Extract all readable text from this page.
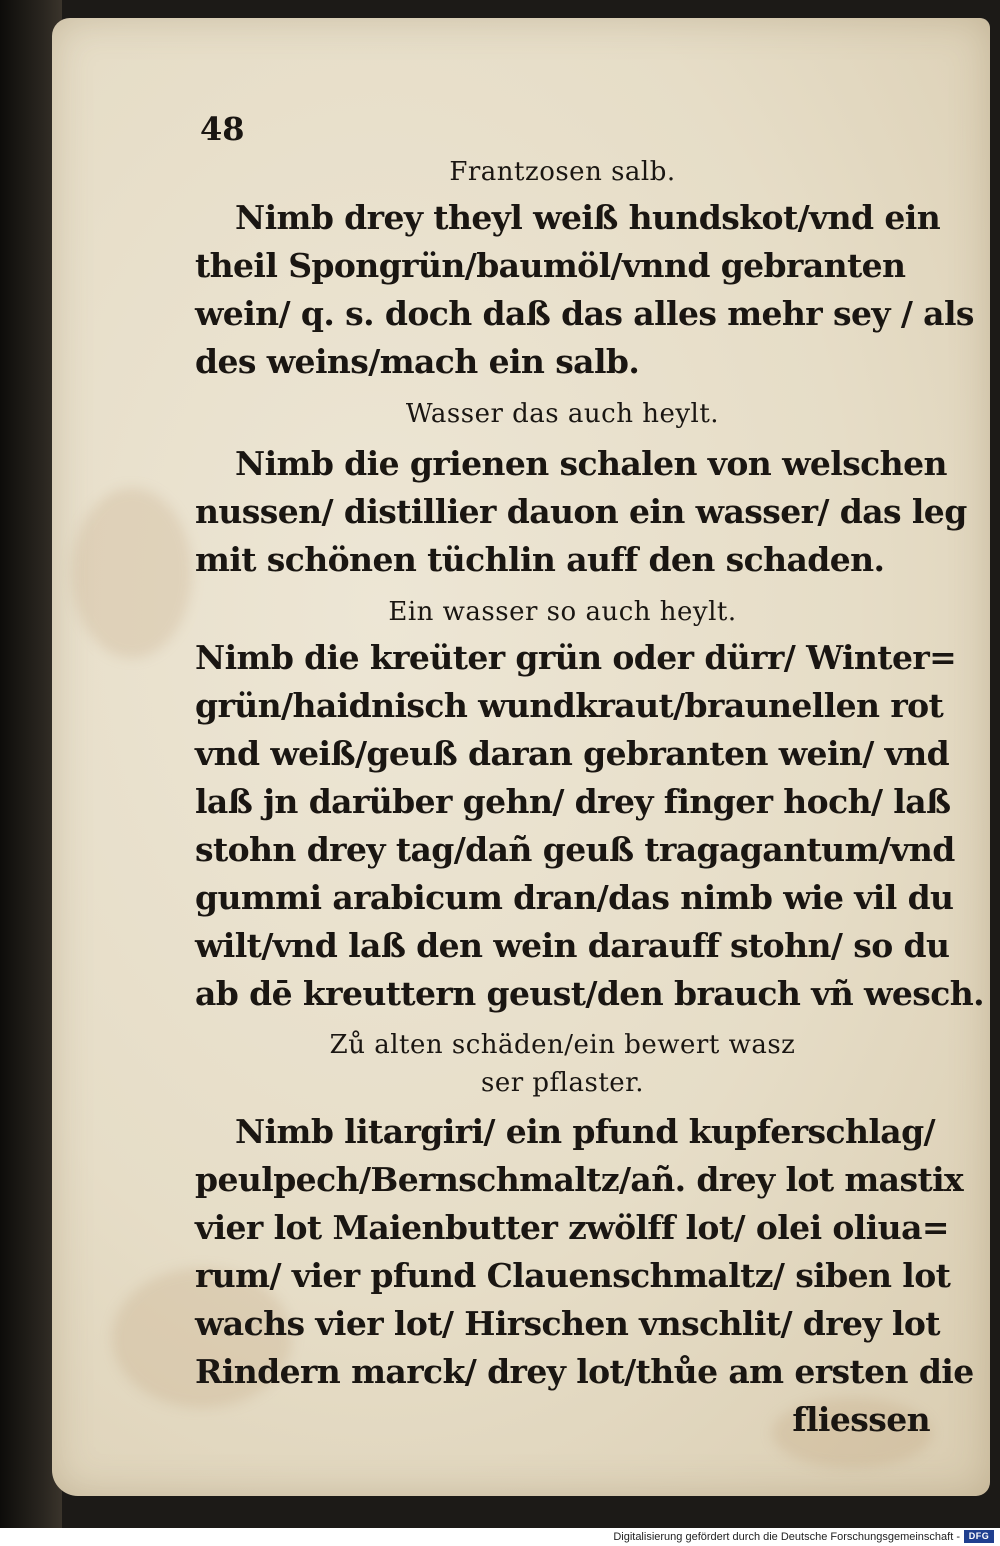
48
Frantzosen salb.
Nimb drey theyl weiß hundskot/vnd ein
theil Spongrün/baumöl/vnnd gebranten
wein/ q. s. doch daß das alles mehr sey / als
des weins/mach ein salb.
Wasser das auch heylt.
Nimb die grienen schalen von welschen
nussen/ distillier dauon ein wasser/ das leg
mit schönen tüchlin auff den schaden.
Ein wasser so auch heylt.
Nimb die kreüter grün oder dürr/ Winter=
grün/haidnisch wundkraut/braunellen rot
vnd weiß/geuß daran gebranten wein/ vnd
laß jn darüber gehn/ drey finger hoch/ laß
stohn drey tag/dañ geuß tragagantum/vnd
gummi arabicum dran/das nimb wie vil du
wilt/vnd laß den wein darauff stohn/ so du
ab dē kreuttern geust/den brauch vñ wesch.
Zů alten schäden/ein bewert wasz
ser pflaster.
Nimb litargiri/ ein pfund kupferschlag/
peulpech/Bernschmaltz/añ. drey lot mastix
vier lot Maienbutter zwölff lot/ olei oliua=
rum/ vier pfund Clauenschmaltz/ siben lot
wachs vier lot/ Hirschen vnschlit/ drey lot
Rindern marck/ drey lot/thůe am ersten die
fliessen
Digitalisierung gefördert durch die Deutsche Forschungsgemeinschaft - DFG
